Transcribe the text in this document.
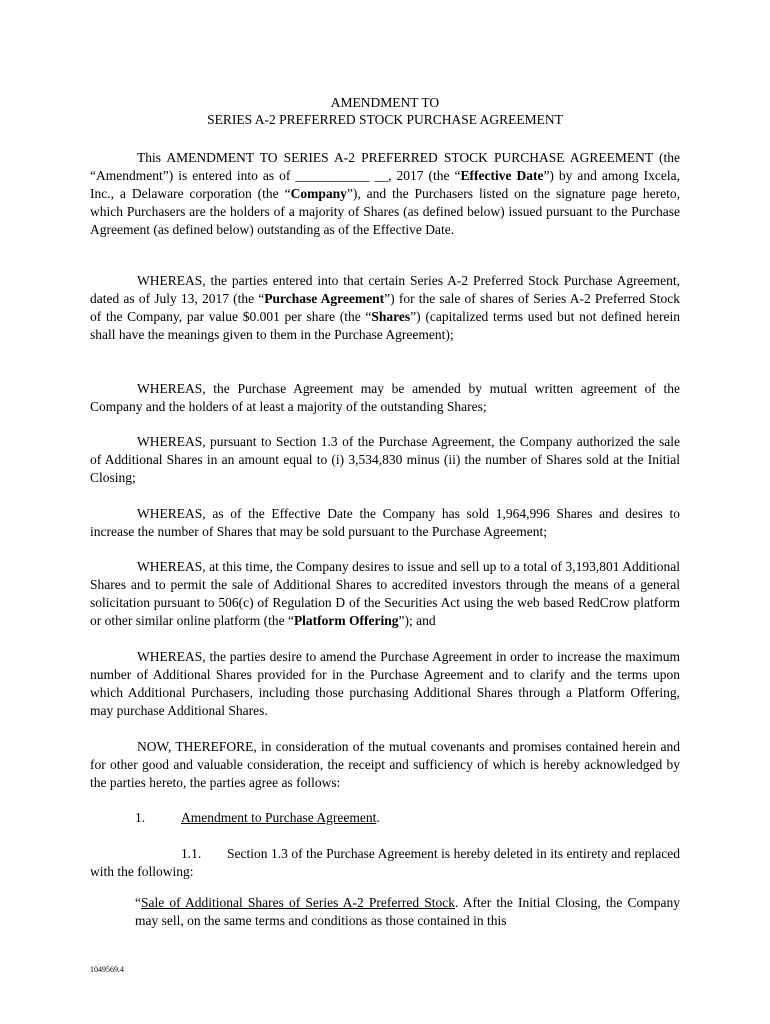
AMENDMENT TO
SERIES A-2 PREFERRED STOCK PURCHASE AGREEMENT
This AMENDMENT TO SERIES A-2 PREFERRED STOCK PURCHASE AGREEMENT (the “Amendment”) is entered into as of ___________ __, 2017 (the “Effective Date”) by and among Ixcela, Inc., a Delaware corporation (the “Company”), and the Purchasers listed on the signature page hereto, which Purchasers are the holders of a majority of Shares (as defined below) issued pursuant to the Purchase Agreement (as defined below) outstanding as of the Effective Date.
WHEREAS, the parties entered into that certain Series A-2 Preferred Stock Purchase Agreement, dated as of July 13, 2017 (the “Purchase Agreement”) for the sale of shares of Series A-2 Preferred Stock of the Company, par value $0.001 per share (the “Shares”) (capitalized terms used but not defined herein shall have the meanings given to them in the Purchase Agreement);
WHEREAS, the Purchase Agreement may be amended by mutual written agreement of the Company and the holders of at least a majority of the outstanding Shares;
WHEREAS, pursuant to Section 1.3 of the Purchase Agreement, the Company authorized the sale of Additional Shares in an amount equal to (i) 3,534,830 minus (ii) the number of Shares sold at the Initial Closing;
WHEREAS, as of the Effective Date the Company has sold 1,964,996 Shares and desires to increase the number of Shares that may be sold pursuant to the Purchase Agreement;
WHEREAS, at this time, the Company desires to issue and sell up to a total of 3,193,801 Additional Shares and to permit the sale of Additional Shares to accredited investors through the means of a general solicitation pursuant to 506(c) of Regulation D of the Securities Act using the web based RedCrow platform or other similar online platform (the “Platform Offering”); and
WHEREAS, the parties desire to amend the Purchase Agreement in order to increase the maximum number of Additional Shares provided for in the Purchase Agreement and to clarify and the terms upon which Additional Purchasers, including those purchasing Additional Shares through a Platform Offering, may purchase Additional Shares.
NOW, THEREFORE, in consideration of the mutual covenants and promises contained herein and for other good and valuable consideration, the receipt and sufficiency of which is hereby acknowledged by the parties hereto, the parties agree as follows:
1.	Amendment to Purchase Agreement.
1.1.	Section 1.3 of the Purchase Agreement is hereby deleted in its entirety and replaced with the following:
“Sale of Additional Shares of Series A-2 Preferred Stock. After the Initial Closing, the Company may sell, on the same terms and conditions as those contained in this
1049569.4
